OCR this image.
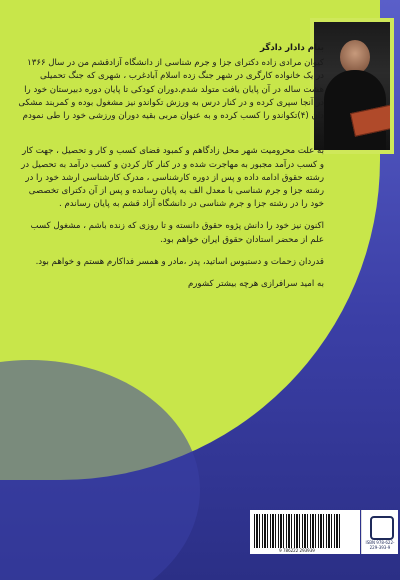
بنام دادار دادگر

کیوان مرادی زاده دکترای جزا و جرم شناسی از دانشگاه آزادقشم من در سال ۱۳۶۶ در یک خانواده کارگری در شهر جنگ زده اسلام آبادغرب ، شهری که جنگ تحمیلی هشت ساله در آن پایان یافت متولد شدم.دوران کودکی تا پایان دوره دبیرستان خود را در آنجا سپری کرده و در کنار درس به ورزش تکواندو نیز مشغول بوده و کمربند مشکی دان (۴)تکواندو را کسب کرده و به عنوان مربی بقیه دوران ورزشی خود را طی نمودم ام.

به علت محرومیت شهر محل زادگاهم و کمبود فضای کسب و کار و تحصیل ، جهت کار و کسب درآمد مجبور به مهاجرت شده و در کنار کار کردن و کسب درآمد به تحصیل در رشته حقوق ادامه داده و پس از دوره کارشناسی ، مدرک کارشناسی ارشد خود را در رشته جزا و جرم شناسی با معدل الف به پایان رسانده و پس از آن دکترای تخصصی خود را در رشته جزا و جرم شناسی در دانشگاه آزاد قشم به پایان رساندم .

اکنون نیز خود را دانش پژوه حقوق دانسته و تا روزی که زنده باشم ، مشغول کسب علم از محضر استادان حقوق ایران خواهم بود.

قدردان زحمات و دستبوس اساتید، پدر ،مادر و همسر فداکارم هستم و خواهم بود.

به امید سرافرازی هرچه بیشتر کشورم

9 786222 293939
ISBN 978-622-229-393-9
